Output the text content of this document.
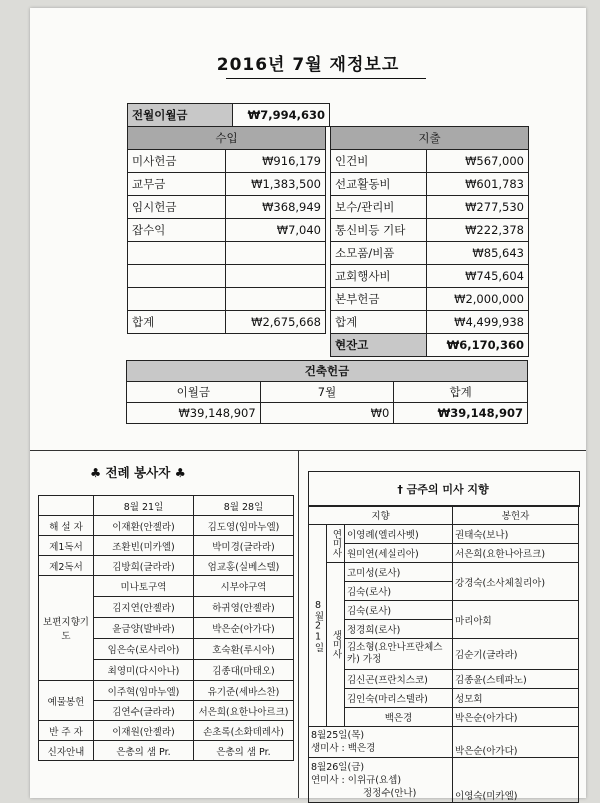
2016년 7월 재정보고
전월이월금	₩7,994,630
수입	
미사헌금	₩916,179
교무금	₩1,383,500
임시헌금	₩368,949
잡수익	₩7,040

합계	₩2,675,668
지출	
인건비	₩567,000
선교활동비	₩601,783
보수/관리비	₩277,530
통신비등 기타	₩222,378
소모품/비품	₩85,643
교회행사비	₩745,604
본부헌금	₩2,000,000
합계	₩4,499,938
현잔고	₩6,170,360
건축헌금		
이월금	7월	합계
₩39,148,907	₩0	₩39,148,907
♣ 전례 봉사자 ♣
	8월 21일	8월 28일
해 설 자	이재환(안젤라)	김도영(임마누엘)
제1독서	조환빈(미카엘)	박미경(글라라)
제2독서	김방희(글라라)	엄교홍(실베스텔)
보편지향기 도	미나토구역	시부야구역
	김지연(안젤라)	하귀영(안젤라)
	윤금양(발바라)	박은순(아가다)
	임은숙(로사리아)	호숙환(루시아)
	최영미(다시아나)	김종대(마태오)
예물봉헌	이주혁(임마누엘)	유기준(세바스찬)
	김연수(글라라)	서은희(요한나아르크)
반 주 자	이재원(안젤라)	손초록(소화데레사)
신자안내	은총의 샘 Pr.	은총의 샘 Pr.
† 금주의 미사 지향
지향			봉헌자
8월21일	연미사	이영례(엘리사벳)	권태숙(보나)
		원미연(세실리아)	서은희(요한나아르크)
	생미사	고미성(로사)	강경숙(소사체칠리아)
		김숙(로사)	
		김숙(로사)	마리아회
		정경희(로사)	
		김소형(요안나프란체스카) 가정	김순기(글라라)
		김신곤(프란치스코)	김종윤(스테파노)
		김인숙(마리스텔라)	성모회
		백은경	박은순(아가다)

8월25일(목)
생미사 : 백은경			박은순(아가다)

8월26일(금)
연미사 : 이위규(요셉)
정정수(안나)			이영숙(미카엘)
